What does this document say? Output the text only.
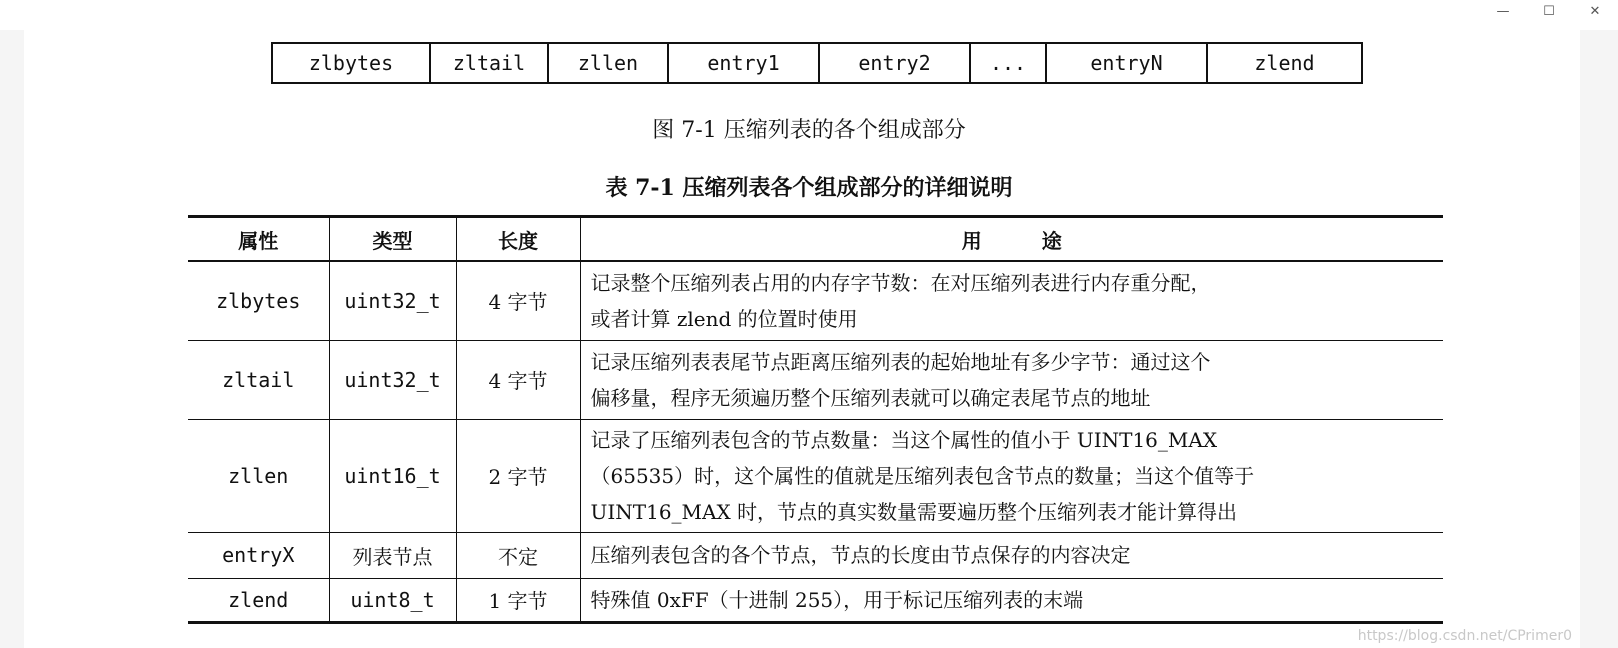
—	☐	✕
zlbytes	zltail	zllen	entry1	entry2	...	entryN	zlend
图 7-1 压缩列表的各个组成部分
表 7-1 压缩列表各个组成部分的详细说明
属性	类型	长度	用途
zlbytes	uint32_t	4 字节	记录整个压缩列表占用的内存字节数：在对压缩列表进行内存重分配，
或者计算 zlend 的位置时使用

zltail	uint32_t	4 字节	记录压缩列表表尾节点距离压缩列表的起始地址有多少字节：通过这个
偏移量，程序无须遍历整个压缩列表就可以确定表尾节点的地址

zllen	uint16_t	2 字节	记录了压缩列表包含的节点数量：当这个属性的值小于 UINT16_MAX
（65535）时，这个属性的值就是压缩列表包含节点的数量；当这个值等于
UINT16_MAX 时，节点的真实数量需要遍历整个压缩列表才能计算得出

entryX	列表节点	不定	压缩列表包含的各个节点，节点的长度由节点保存的内容决定

zlend	uint8_t	1 字节	特殊值 0xFF（十进制 255），用于标记压缩列表的末端
https://blog.csdn.net/CPrimer0
